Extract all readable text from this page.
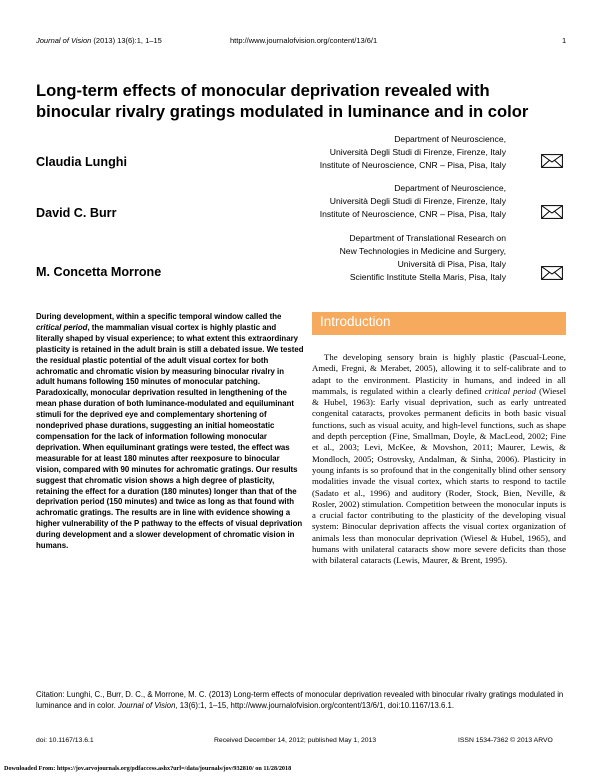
Journal of Vision (2013) 13(6):1, 1–15	http://www.journalofvision.org/content/13/6/1	1
Long-term effects of monocular deprivation revealed with
binocular rivalry gratings modulated in luminance and in color
Claudia Lunghi
Department of Neuroscience,
Università Degli Studi di Firenze, Firenze, Italy
Institute of Neuroscience, CNR – Pisa, Pisa, Italy
David C. Burr
Department of Neuroscience,
Università Degli Studi di Firenze, Firenze, Italy
Institute of Neuroscience, CNR – Pisa, Pisa, Italy
M. Concetta Morrone
Department of Translational Research on
New Technologies in Medicine and Surgery,
Università di Pisa, Pisa, Italy
Scientific Institute Stella Maris, Pisa, Italy
During development, within a specific temporal window called the critical period, the mammalian visual cortex is highly plastic and literally shaped by visual experience; to what extent this extraordinary plasticity is retained in the adult brain is still a debated issue. We tested the residual plastic potential of the adult visual cortex for both achromatic and chromatic vision by measuring binocular rivalry in adult humans following 150 minutes of monocular patching. Paradoxically, monocular deprivation resulted in lengthening of the mean phase duration of both luminance-modulated and equiluminant stimuli for the deprived eye and complementary shortening of nondeprived phase durations, suggesting an initial homeostatic compensation for the lack of information following monocular deprivation. When equiluminant gratings were tested, the effect was measurable for at least 180 minutes after reexposure to binocular vision, compared with 90 minutes for achromatic gratings. Our results suggest that chromatic vision shows a high degree of plasticity, retaining the effect for a duration (180 minutes) longer than that of the deprivation period (150 minutes) and twice as long as that found with achromatic gratings. The results are in line with evidence showing a higher vulnerability of the P pathway to the effects of visual deprivation during development and a slower development of chromatic vision in humans.
Introduction
The developing sensory brain is highly plastic (Pascual-Leone, Amedi, Fregni, & Merabet, 2005), allowing it to self-calibrate and to adapt to the environment. Plasticity in humans, and indeed in all mammals, is regulated within a clearly defined critical period (Wiesel & Hubel, 1963): Early visual deprivation, such as early untreated congenital cataracts, provokes permanent deficits in both basic visual functions, such as visual acuity, and high-level functions, such as shape and depth perception (Fine, Smallman, Doyle, & MacLeod, 2002; Fine et al., 2003; Levi, McKee, & Movshon, 2011; Maurer, Lewis, & Mondloch, 2005; Ostrovsky, Andalman, & Sinha, 2006). Plasticity in young infants is so profound that in the congenitally blind other sensory modalities invade the visual cortex, which starts to respond to tactile (Sadato et al., 1996) and auditory (Roder, Stock, Bien, Neville, & Rosler, 2002) stimulation. Competition between the monocular inputs is a crucial factor contributing to the plasticity of the developing visual system: Binocular deprivation affects the visual cortex organization of animals less than monocular deprivation (Wiesel & Hubel, 1965), and humans with unilateral cataracts show more severe deficits than those with bilateral cataracts (Lewis, Maurer, & Brent, 1995).
Citation: Lunghi, C., Burr, D. C., & Morrone, M. C. (2013) Long-term effects of monocular deprivation revealed with binocular rivalry gratings modulated in luminance and in color. Journal of Vision, 13(6):1, 1–15, http://www.journalofvision.org/content/13/6/1, doi:10.1167/13.6.1.
doi: 10.1167/13.6.1	Received December 14, 2012; published May 1, 2013	ISSN 1534-7362 © 2013 ARVO
Downloaded From: https://jov.arvojournals.org/pdfaccess.ashx?url=/data/journals/jov/932810/ on 11/28/2018
